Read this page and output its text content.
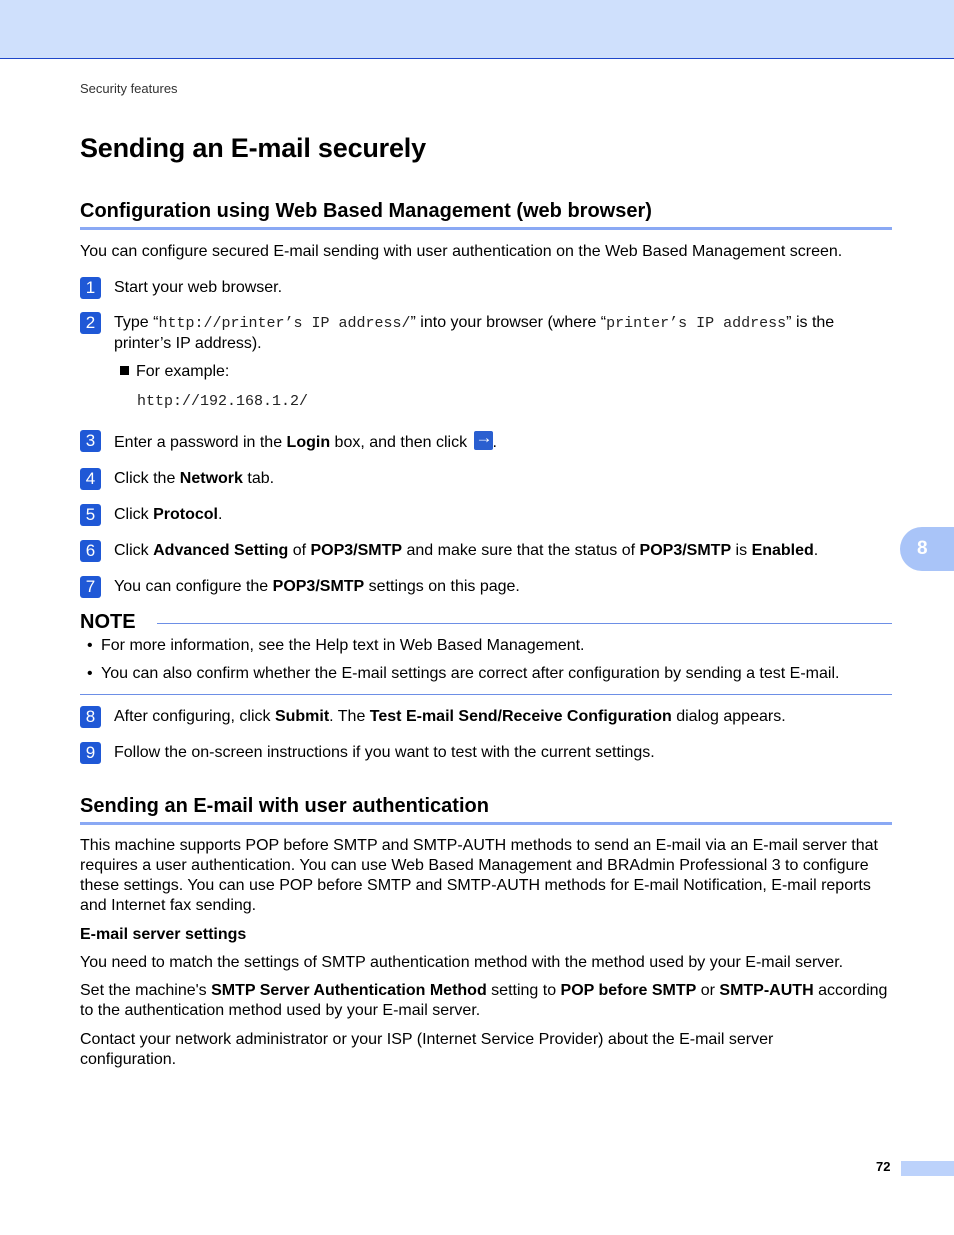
Security features
Sending an E-mail securely
Configuration using Web Based Management (web browser)

You can configure secured E-mail sending with user authentication on the Web Based Management screen.

1	Start your web browser.
2	Type “http://printer’s IP address/” into your browser (where “printer’s IP address” is the printer’s IP address).
For example:
http://192.168.1.2/
3	Enter a password in the Login box, and then click →.
4	Click the Network tab.
5	Click Protocol.
6	Click Advanced Setting of POP3/SMTP and make sure that the status of POP3/SMTP is Enabled.
7	You can configure the POP3/SMTP settings on this page.
NOTE
• For more information, see the Help text in Web Based Management.
• You can also confirm whether the E-mail settings are correct after configuration by sending a test E-mail.
8	After configuring, click Submit. The Test E-mail Send/Receive Configuration dialog appears.
9	Follow the on-screen instructions if you want to test with the current settings.
Sending an E-mail with user authentication

This machine supports POP before SMTP and SMTP-AUTH methods to send an E-mail via an E-mail server that requires a user authentication. You can use Web Based Management and BRAdmin Professional 3 to configure these settings. You can use POP before SMTP and SMTP-AUTH methods for E-mail Notification, E-mail reports and Internet fax sending.

E-mail server settings

You need to match the settings of SMTP authentication method with the method used by your E-mail server.

Set the machine's SMTP Server Authentication Method setting to POP before SMTP or SMTP-AUTH according to the authentication method used by your E-mail server.

Contact your network administrator or your ISP (Internet Service Provider) about the E-mail server configuration.

8
72
